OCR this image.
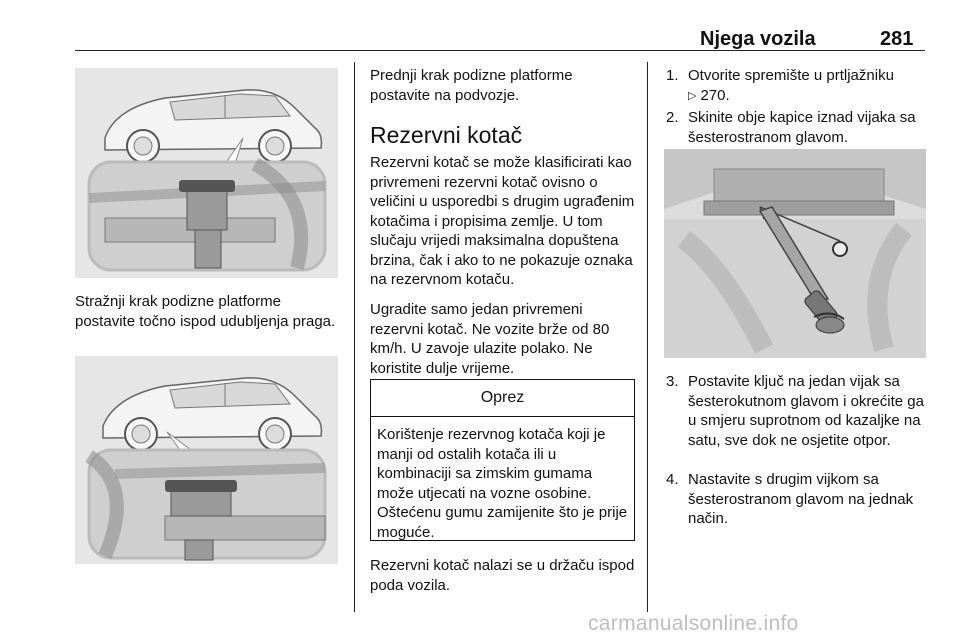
Njega vozila	281

Stražnji krak podizne platforme postavite točno ispod udubljenja praga.

Prednji krak podizne platforme postavite na podvozje.

Rezervni kotač

Rezervni kotač se može klasificirati kao privremeni rezervni kotač ovisno o veličini u usporedbi s drugim ugrađenim kotačima i propisima zemlje. U tom slučaju vrijedi maksimalna dopuštena brzina, čak i ako to ne pokazuje oznaka na rezervnom kotaču.

Ugradite samo jedan privremeni rezervni kotač. Ne vozite brže od 80 km/h. U zavoje ulazite polako. Ne koristite dulje vrijeme.

Oprez

Korištenje rezervnog kotača koji je manji od ostalih kotača ili u kombinaciji sa zimskim gumama može utjecati na vozne osobine. Oštećenu gumu zamijenite što je prije moguće.

Rezervni kotač nalazi se u držaču ispod poda vozila.

1. Otvorite spremište u prtljažniku
▷ 270.
2. Skinite obje kapice iznad vijaka sa šesterostranom glavom.
3. Postavite ključ na jedan vijak sa šesterokutnom glavom i okrećite ga u smjeru suprotnom od kazaljke na satu, sve dok ne osjetite otpor.
4. Nastavite s drugim vijkom sa šesterostranom glavom na jednak način.
carmanualsonline.info
